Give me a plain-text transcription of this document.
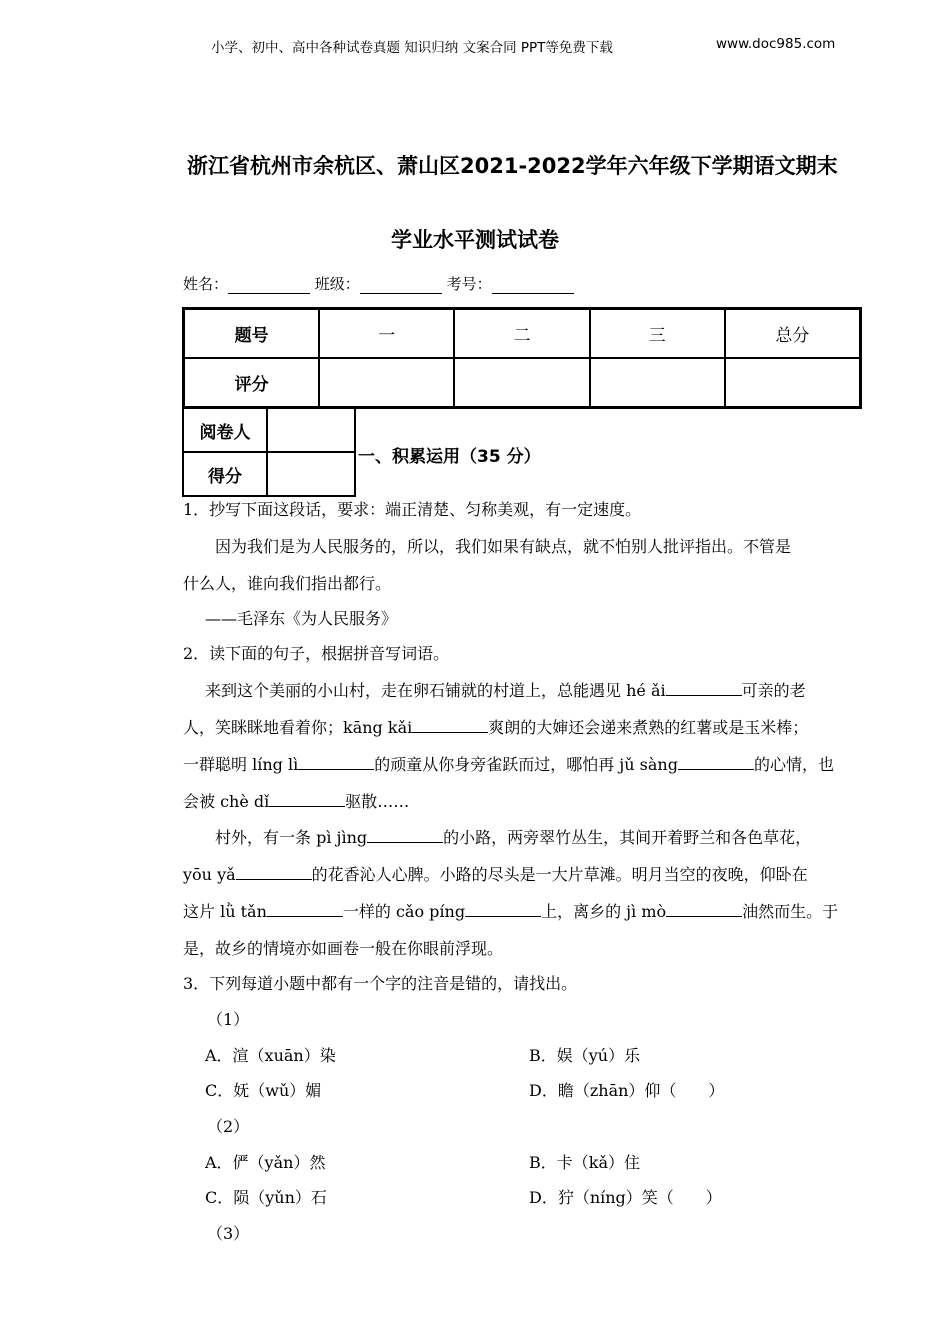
小学、初中、高中各种试卷真题 知识归纳 文案合同 PPT等免费下载	www.doc985.com
浙江省杭州市余杭区、萧山区2021-2022学年六年级下学期语文期末
学业水平测试试卷
姓名：	班级：	考号：
题号	一	二	三	总分
评分				
阅卷人	
得分	
一、积累运用（35 分）
1．抄写下面这段话，要求：端正清楚、匀称美观，有一定速度。
因为我们是为人民服务的，所以，我们如果有缺点，就不怕别人批评指出。不管是
什么人，谁向我们指出都行。
——毛泽东《为人民服务》
2．读下面的句子，根据拼音写词语。
来到这个美丽的小山村，走在卵石铺就的村道上，总能遇见 hé ǎi	可亲的老
人，笑眯眯地看着你；kāng kǎi	爽朗的大婶还会递来煮熟的红薯或是玉米棒；
一群聪明 líng lì	的顽童从你身旁雀跃而过，哪怕再 jǔ sàng	的心情，也
会被 chè dǐ	驱散……
村外，有一条 pì jìng	的小路，两旁翠竹丛生，其间开着野兰和各色草花，
yōu yǎ	的花香沁人心脾。小路的尽头是一大片草滩。明月当空的夜晚，仰卧在
这片 lǜ tǎn	一样的 cǎo píng	上，离乡的 jì mò	油然而生。于
是，故乡的情境亦如画卷一般在你眼前浮现。
3．下列每道小题中都有一个字的注音是错的，请找出。
（1）
A．渲（xuān）染	B．娱（yú）乐
C．妩（wǔ）媚	D．瞻（zhān）仰（　　）
（2）
A．俨（yǎn）然	B．卡（kǎ）住
C．陨（yǔn）石	D．狞（níng）笑（　　）
（3）
